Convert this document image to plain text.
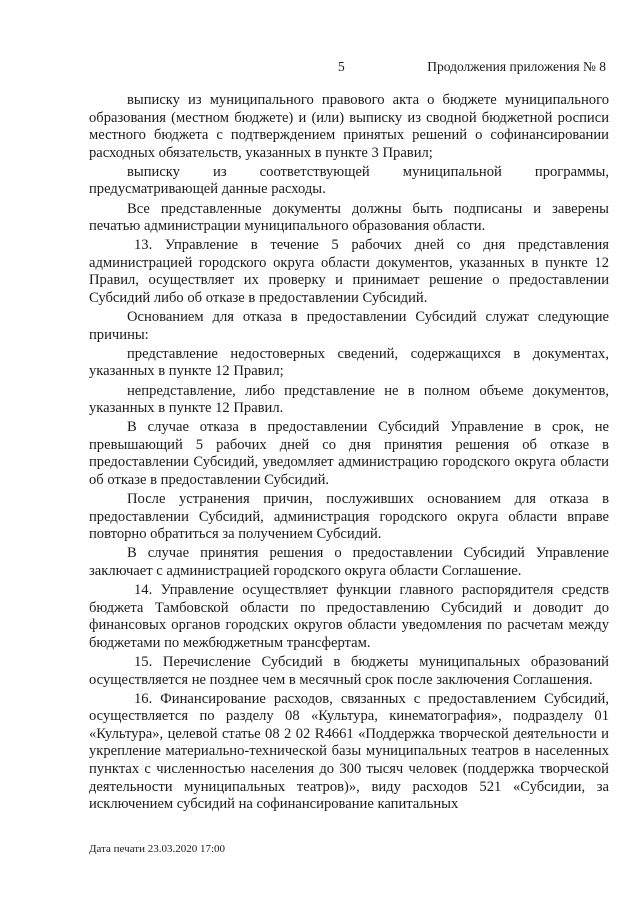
5	Продолжения приложения № 8

выписку из муниципального правового акта о бюджете муниципального образования (местном бюджете) и (или) выписку из сводной бюджетной росписи местного бюджета с подтверждением принятых решений о софинансировании расходных обязательств, указанных в пункте 3 Правил;

выписку из соответствующей муниципальной программы, предусматривающей данные расходы.

Все представленные документы должны быть подписаны и заверены печатью администрации муниципального образования области.

13. Управление в течение 5 рабочих дней со дня представления администрацией городского округа области документов, указанных в пункте 12 Правил, осуществляет их проверку и принимает решение о предоставлении Субсидий либо об отказе в предоставлении Субсидий.

Основанием для отказа в предоставлении Субсидий служат следующие причины:

представление недостоверных сведений, содержащихся в документах, указанных в пункте 12 Правил;

непредставление, либо представление не в полном объеме документов, указанных в пункте 12 Правил.

В случае отказа в предоставлении Субсидий Управление в срок, не превышающий 5 рабочих дней со дня принятия решения об отказе в предоставлении Субсидий, уведомляет администрацию городского округа области об отказе в предоставлении Субсидий.

После устранения причин, послуживших основанием для отказа в предоставлении Субсидий, администрация городского округа области вправе повторно обратиться за получением Субсидий.

В случае принятия решения о предоставлении Субсидий Управление заключает с администрацией городского округа области Соглашение.

14. Управление осуществляет функции главного распорядителя средств бюджета Тамбовской области по предоставлению Субсидий и доводит до финансовых органов городских округов области уведомления по расчетам между бюджетами по межбюджетным трансфертам.

15. Перечисление Субсидий в бюджеты муниципальных образований осуществляется не позднее чем в месячный срок после заключения Соглашения.

16. Финансирование расходов, связанных с предоставлением Субсидий, осуществляется по разделу 08 «Культура, кинематография», подразделу 01 «Культура», целевой статье 08 2 02 R4661 «Поддержка творческой деятельности и укрепление материально-технической базы муниципальных театров в населенных пунктах с численностью населения до 300 тысяч человек (поддержка творческой деятельности муниципальных театров)», виду расходов 521 «Субсидии, за исключением субсидий на софинансирование капитальных

Дата печати 23.03.2020 17:00
